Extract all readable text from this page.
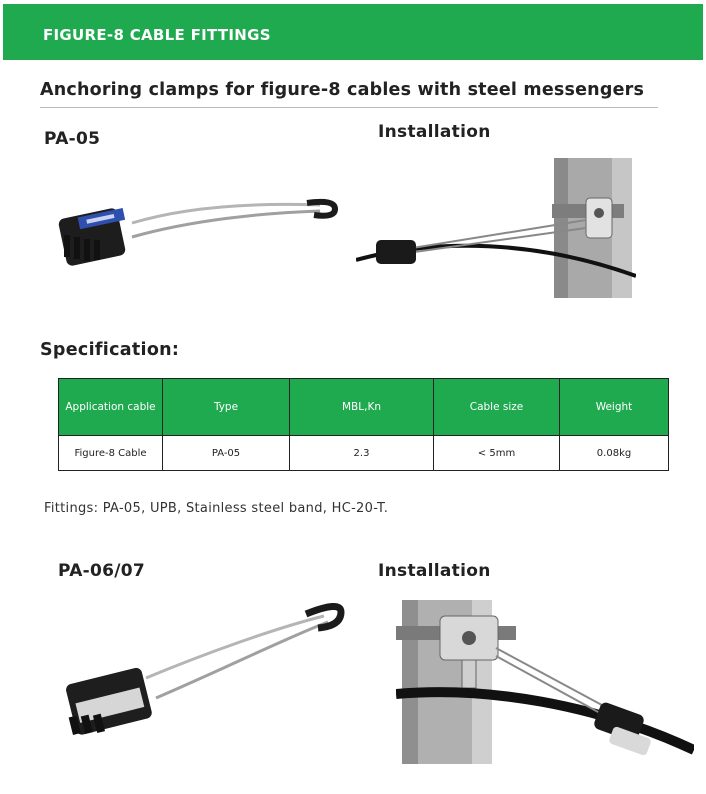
FIGURE-8 CABLE FITTINGS
Anchoring clamps for figure-8 cables with steel messengers
PA-05	Installation
Specification:
Application cable	Type	MBL,Kn	Cable size	Weight
Figure-8 Cable	PA-05	2.3	< 5mm	0.08kg
Fittings: PA-05, UPB, Stainless steel band, HC-20-T.
PA-06/07	Installation
